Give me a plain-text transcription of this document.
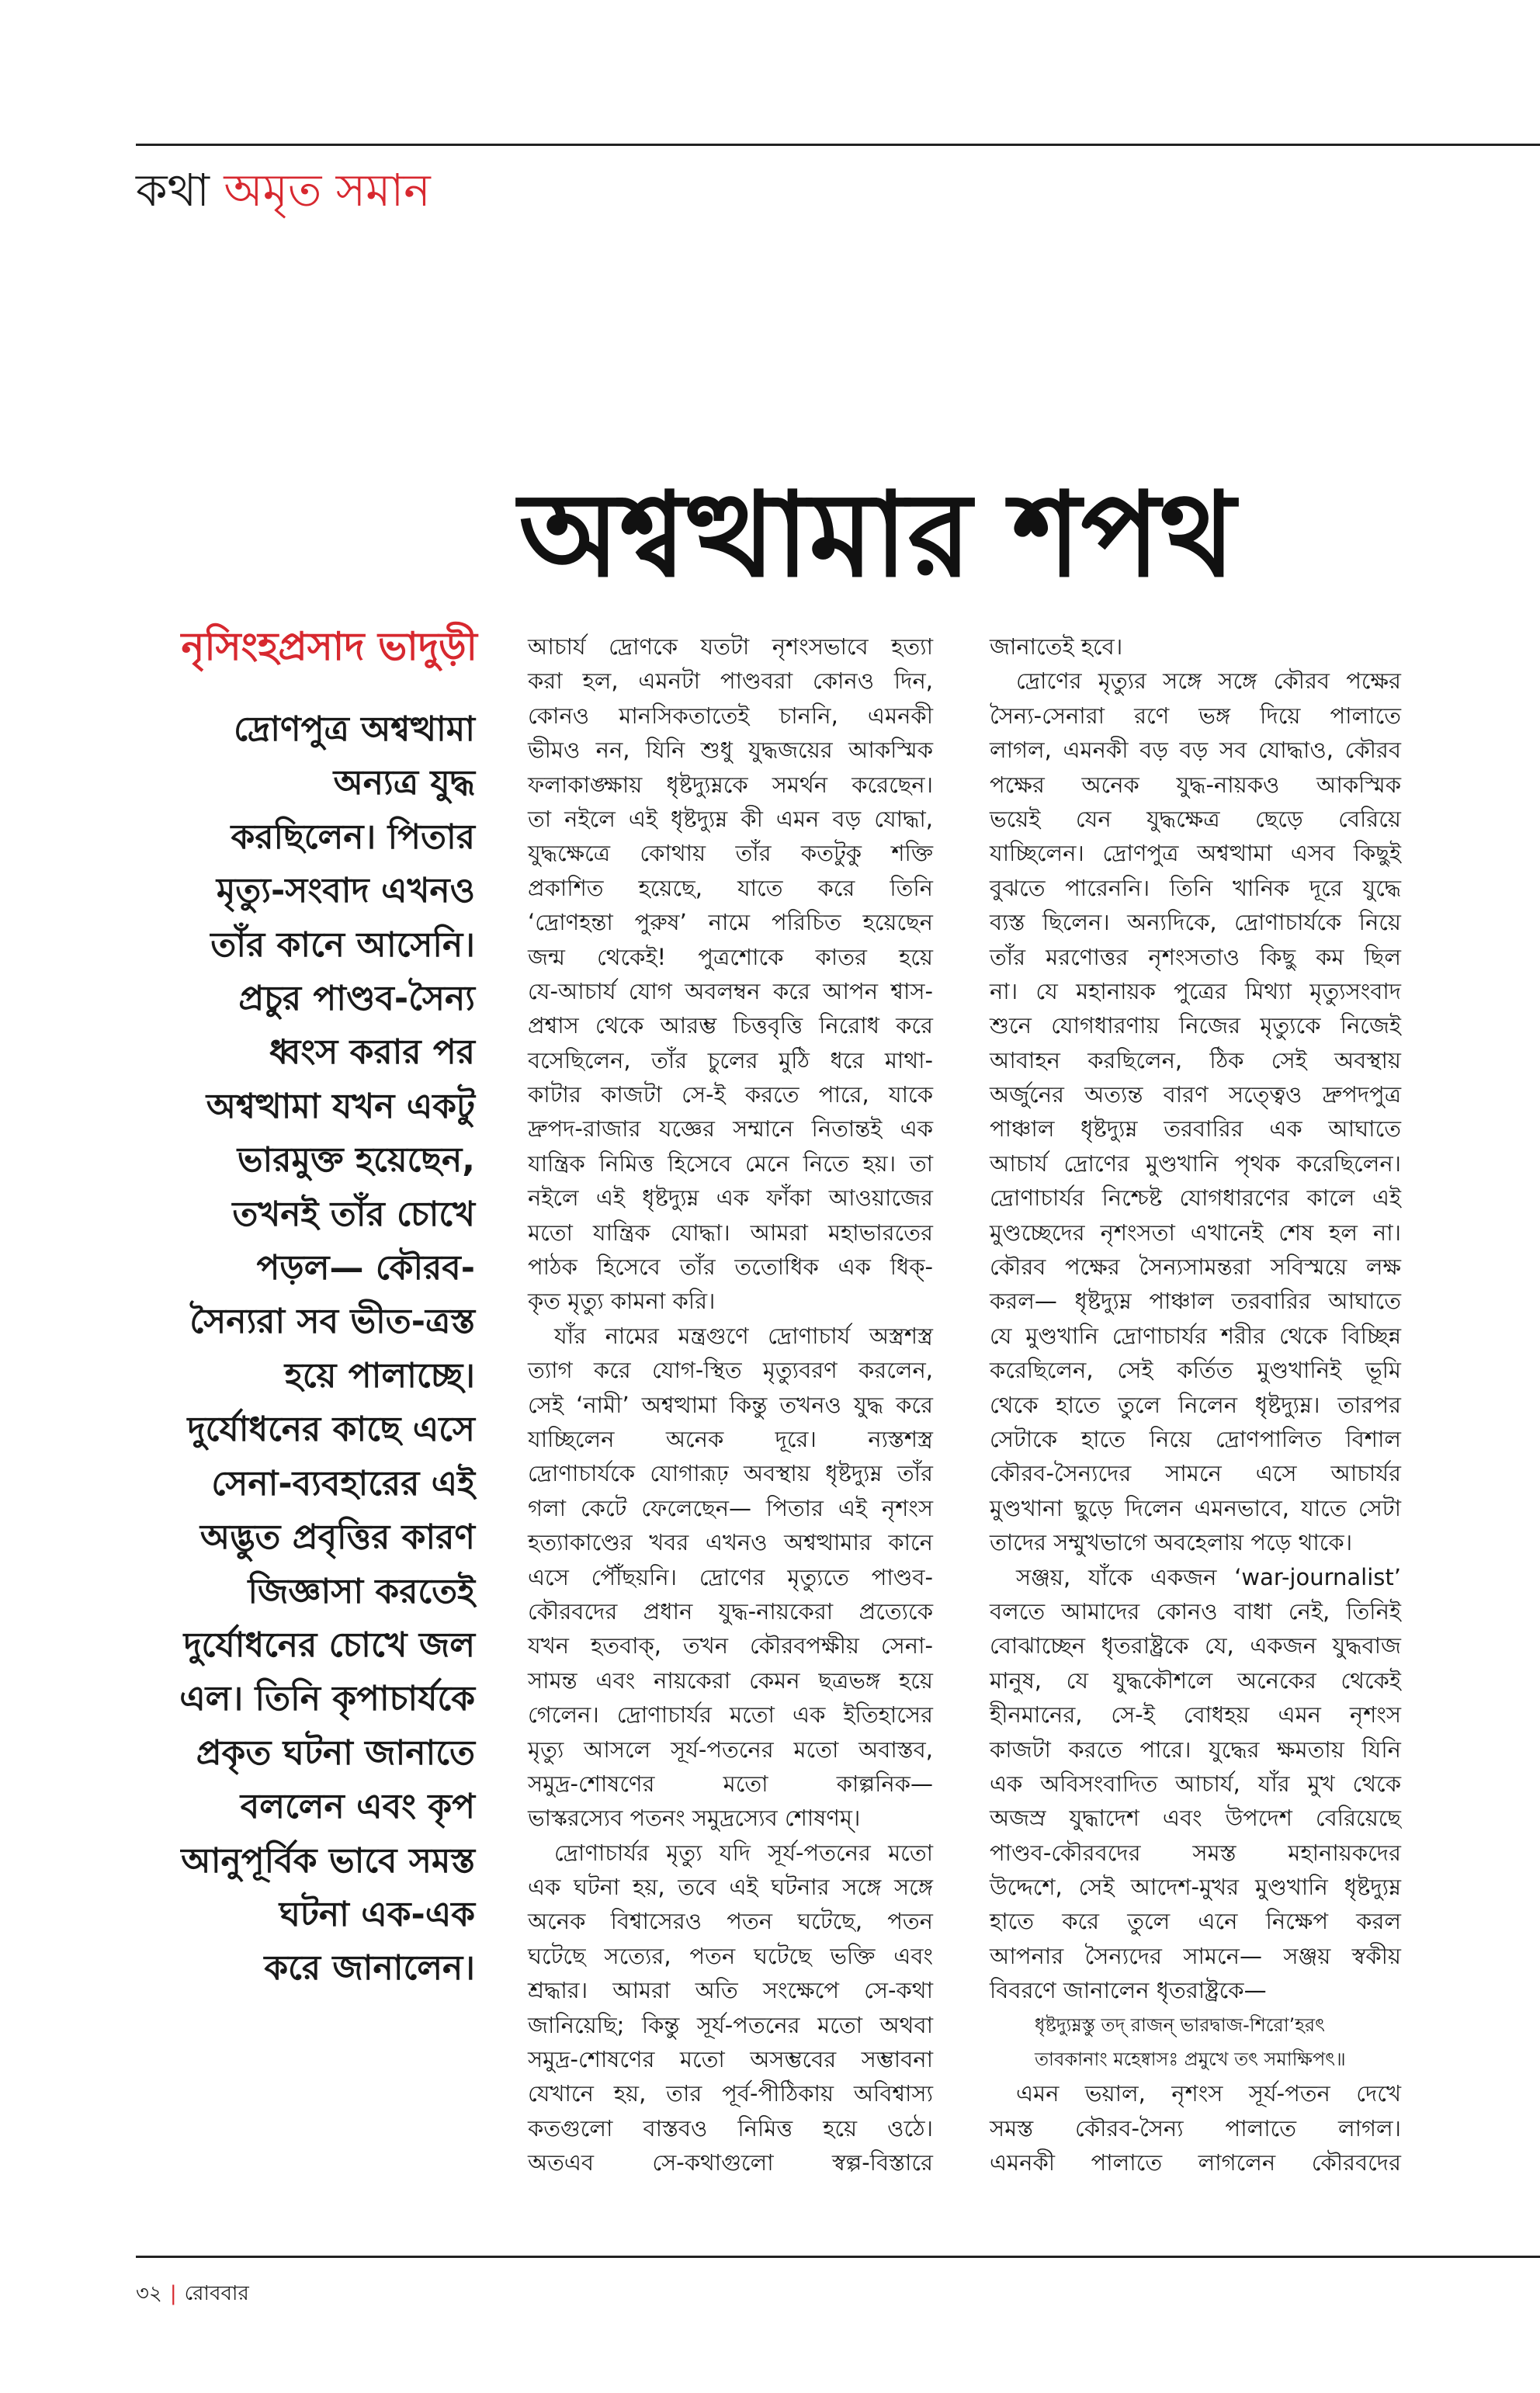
কথা অমৃত সমান
অশ্বত্থামার শপথ
নৃসিংহপ্রসাদ ভাদুড়ী
দ্রোণপুত্র অশ্বত্থামা
অন্যত্র যুদ্ধ
করছিলেন। পিতার
মৃত্যু-সংবাদ এখনও
তাঁর কানে আসেনি।
প্রচুর পাণ্ডব-সৈন্য
ধ্বংস করার পর
অশ্বত্থামা যখন একটু
ভারমুক্ত হয়েছেন,
তখনই তাঁর চোখে
পড়ল— কৌরব-
সৈন্যরা সব ভীত-ত্রস্ত
হয়ে পালাচ্ছে।
দুর্যোধনের কাছে এসে
সেনা-ব্যবহারের এই
অদ্ভুত প্রবৃত্তির কারণ
জিজ্ঞাসা করতেই
দুর্যোধনের চোখে জল
এল। তিনি কৃপাচার্যকে
প্রকৃত ঘটনা জানাতে
বললেন এবং কৃপ
আনুপূর্বিক ভাবে সমস্ত
ঘটনা এক-এক
করে জানালেন।
আচার্য দ্রোণকে যতটা নৃশংসভাবে হত্যা
করা হল, এমনটা পাণ্ডবরা কোনও দিন,
কোনও মানসিকতাতেই চাননি, এমনকী
ভীমও নন, যিনি শুধু যুদ্ধজয়ের আকস্মিক
ফলাকাঙ্ক্ষায় ধৃষ্টদ্যুম্নকে সমর্থন করেছেন।
তা নইলে এই ধৃষ্টদ্যুম্ন কী এমন বড় যোদ্ধা,
যুদ্ধক্ষেত্রে কোথায় তাঁর কতটুকু শক্তি
প্রকাশিত হয়েছে, যাতে করে তিনি
‘দ্রোণহন্তা পুরুষ’ নামে পরিচিত হয়েছেন
জন্ম থেকেই! পুত্রশোকে কাতর হয়ে
যে-আচার্য যোগ অবলম্বন করে আপন শ্বাস-
প্রশ্বাস থেকে আরম্ভ চিত্তবৃত্তি নিরোধ করে
বসেছিলেন, তাঁর চুলের মুঠি ধরে মাথা-
কাটার কাজটা সে-ই করতে পারে, যাকে
দ্রুপদ-রাজার যজ্ঞের সম্মানে নিতান্তই এক
যান্ত্রিক নিমিত্ত হিসেবে মেনে নিতে হয়। তা
নইলে এই ধৃষ্টদ্যুম্ন এক ফাঁকা আওয়াজের
মতো যান্ত্রিক যোদ্ধা। আমরা মহাভারতের
পাঠক হিসেবে তাঁর ততোধিক এক ধিক্-
কৃত মৃত্যু কামনা করি।
যাঁর নামের মন্ত্রগুণে দ্রোণাচার্য অস্ত্রশস্ত্র
ত্যাগ করে যোগ-স্থিত মৃত্যুবরণ করলেন,
সেই ‘নামী’ অশ্বত্থামা কিন্তু তখনও যুদ্ধ করে
যাচ্ছিলেন অনেক দূরে। ন্যস্তশস্ত্র
দ্রোণাচার্যকে যোগারূঢ় অবস্থায় ধৃষ্টদ্যুম্ন তাঁর
গলা কেটে ফেলেছেন— পিতার এই নৃশংস
হত্যাকাণ্ডের খবর এখনও অশ্বত্থামার কানে
এসে পৌঁছয়নি। দ্রোণের মৃত্যুতে পাণ্ডব-
কৌরবদের প্রধান যুদ্ধ-নায়কেরা প্রত্যেকে
যখন হতবাক্, তখন কৌরবপক্ষীয় সেনা-
সামন্ত এবং নায়কেরা কেমন ছত্রভঙ্গ হয়ে
গেলেন। দ্রোণাচার্যর মতো এক ইতিহাসের
মৃত্যু আসলে সূর্য-পতনের মতো অবাস্তব,
সমুদ্র-শোষণের মতো কাল্পনিক—
ভাস্করস্যেব পতনং সমুদ্রস্যেব শোষণম্।
দ্রোণাচার্যর মৃত্যু যদি সূর্য-পতনের মতো
এক ঘটনা হয়, তবে এই ঘটনার সঙ্গে সঙ্গে
অনেক বিশ্বাসেরও পতন ঘটেছে, পতন
ঘটেছে সত্যের, পতন ঘটেছে ভক্তি এবং
শ্রদ্ধার। আমরা অতি সংক্ষেপে সে-কথা
জানিয়েছি; কিন্তু সূর্য-পতনের মতো অথবা
সমুদ্র-শোষণের মতো অসম্ভবের সম্ভাবনা
যেখানে হয়, তার পূর্ব-পীঠিকায় অবিশ্বাস্য
কতগুলো বাস্তবও নিমিত্ত হয়ে ওঠে।
অতএব সে-কথাগুলো স্বল্প-বিস্তারে
জানাতেই হবে।
দ্রোণের মৃত্যুর সঙ্গে সঙ্গে কৌরব পক্ষের
সৈন্য-সেনারা রণে ভঙ্গ দিয়ে পালাতে
লাগল, এমনকী বড় বড় সব যোদ্ধাও, কৌরব
পক্ষের অনেক যুদ্ধ-নায়কও আকস্মিক
ভয়েই যেন যুদ্ধক্ষেত্র ছেড়ে বেরিয়ে
যাচ্ছিলেন। দ্রোণপুত্র অশ্বত্থামা এসব কিছুই
বুঝতে পারেননি। তিনি খানিক দূরে যুদ্ধে
ব্যস্ত ছিলেন। অন্যদিকে, দ্রোণাচার্যকে নিয়ে
তাঁর মরণোত্তর নৃশংসতাও কিছু কম ছিল
না। যে মহানায়ক পুত্রের মিথ্যা মৃত্যুসংবাদ
শুনে যোগধারণায় নিজের মৃত্যুকে নিজেই
আবাহন করছিলেন, ঠিক সেই অবস্থায়
অর্জুনের অত্যন্ত বারণ সত্ত্বেও দ্রুপদপুত্র
পাঞ্চাল ধৃষ্টদ্যুম্ন তরবারির এক আঘাতে
আচার্য দ্রোণের মুণ্ডখানি পৃথক করেছিলেন।
দ্রোণাচার্যর নিশ্চেষ্ট যোগধারণের কালে এই
মুণ্ডচ্ছেদের নৃশংসতা এখানেই শেষ হল না।
কৌরব পক্ষের সৈন্যসামন্তরা সবিস্ময়ে লক্ষ
করল— ধৃষ্টদ্যুম্ন পাঞ্চাল তরবারির আঘাতে
যে মুণ্ডখানি দ্রোণাচার্যর শরীর থেকে বিচ্ছিন্ন
করেছিলেন, সেই কর্তিত মুণ্ডখানিই ভূমি
থেকে হাতে তুলে নিলেন ধৃষ্টদ্যুম্ন। তারপর
সেটাকে হাতে নিয়ে দ্রোণপালিত বিশাল
কৌরব-সৈন্যদের সামনে এসে আচার্যর
মুণ্ডখানা ছুড়ে দিলেন এমনভাবে, যাতে সেটা
তাদের সম্মুখভাগে অবহেলায় পড়ে থাকে।
সঞ্জয়, যাঁকে একজন ‘war-journalist’
বলতে আমাদের কোনও বাধা নেই, তিনিই
বোঝাচ্ছেন ধৃতরাষ্ট্রকে যে, একজন যুদ্ধবাজ
মানুষ, যে যুদ্ধকৌশলে অনেকের থেকেই
হীনমানের, সে-ই বোধহয় এমন নৃশংস
কাজটা করতে পারে। যুদ্ধের ক্ষমতায় যিনি
এক অবিসংবাদিত আচার্য, যাঁর মুখ থেকে
অজস্র যুদ্ধাদেশ এবং উপদেশ বেরিয়েছে
পাণ্ডব-কৌরবদের সমস্ত মহানায়কদের
উদ্দেশে, সেই আদেশ-মুখর মুণ্ডখানি ধৃষ্টদ্যুম্ন
হাতে করে তুলে এনে নিক্ষেপ করল
আপনার সৈন্যদের সামনে— সঞ্জয় স্বকীয়
বিবরণে জানালেন ধৃতরাষ্ট্রকে—
ধৃষ্টদ্যুম্নস্তু তদ্ রাজন্ ভারদ্বাজ-শিরো’হরৎ
তাবকানাং মহেষ্বাসঃ প্রমুখে তৎ সমাক্ষিপৎ॥
এমন ভয়াল, নৃশংস সূর্য-পতন দেখে
সমস্ত কৌরব-সৈন্য পালাতে লাগল।
এমনকী পালাতে লাগলেন কৌরবদের
৩২ | রোববার
